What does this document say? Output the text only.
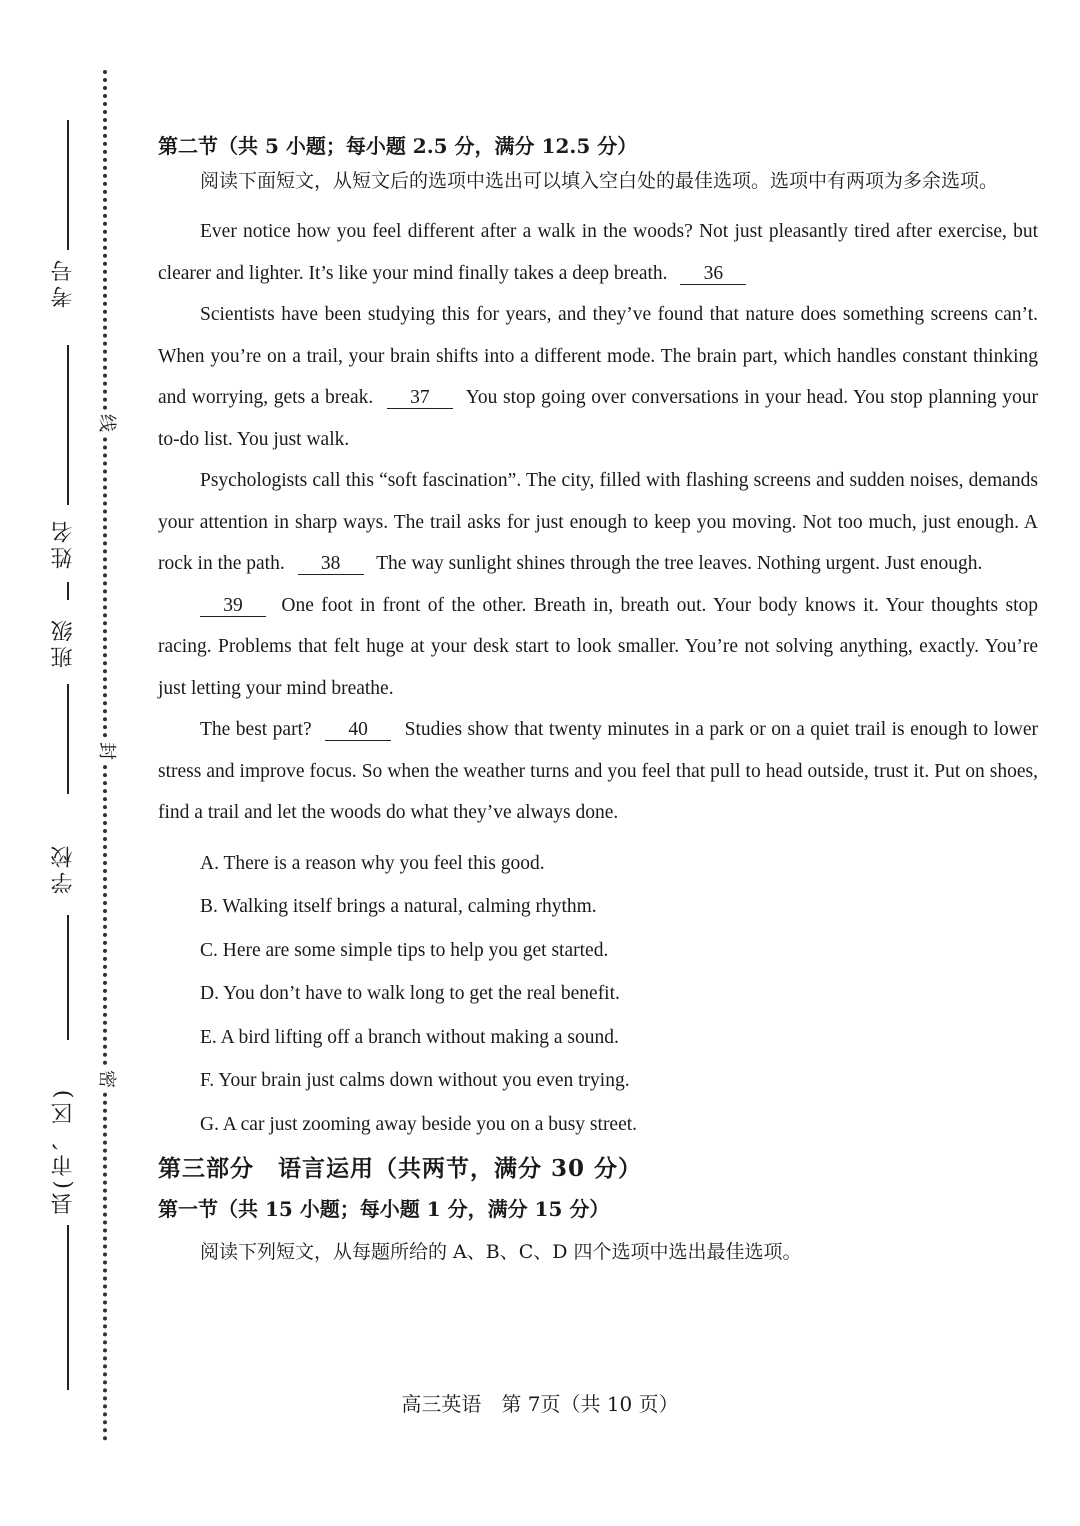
考号
姓名
班级
学校
县(市、区)
线
封
密

第二节（共 5 小题；每小题 2.5 分，满分 12.5 分）

阅读下面短文，从短文后的选项中选出可以填入空白处的最佳选项。选项中有两项为多余选项。

Ever notice how you feel different after a walk in the woods? Not just pleasantly tired after exercise, but clearer and lighter. It’s like your mind finally takes a deep breath. 36

Scientists have been studying this for years, and they’ve found that nature does something screens can’t. When you’re on a trail, your brain shifts into a different mode. The brain part, which handles constant thinking and worrying, gets a break. 37 You stop going over conversations in your head. You stop planning your to-do list. You just walk.

Psychologists call this “soft fascination”. The city, filled with flashing screens and sudden noises, demands your attention in sharp ways. The trail asks for just enough to keep you moving. Not too much, just enough. A rock in the path. 38 The way sunlight shines through the tree leaves. Nothing urgent. Just enough.

39 One foot in front of the other. Breath in, breath out. Your body knows it. Your thoughts stop racing. Problems that felt huge at your desk start to look smaller. You’re not solving anything, exactly. You’re just letting your mind breathe.

The best part? 40 Studies show that twenty minutes in a park or on a quiet trail is enough to lower stress and improve focus. So when the weather turns and you feel that pull to head outside, trust it. Put on shoes, find a trail and let the woods do what they’ve always done.

A. There is a reason why you feel this good.
B. Walking itself brings a natural, calming rhythm.
C. Here are some simple tips to help you get started.
D. You don’t have to walk long to get the real benefit.
E. A bird lifting off a branch without making a sound.
F. Your brain just calms down without you even trying.
G. A car just zooming away beside you on a busy street.

第三部分　语言运用（共两节，满分 30 分）

第一节（共 15 小题；每小题 1 分，满分 15 分）

阅读下列短文，从每题所给的 A、B、C、D 四个选项中选出最佳选项。

高三英语　第 7页（共 10 页）
